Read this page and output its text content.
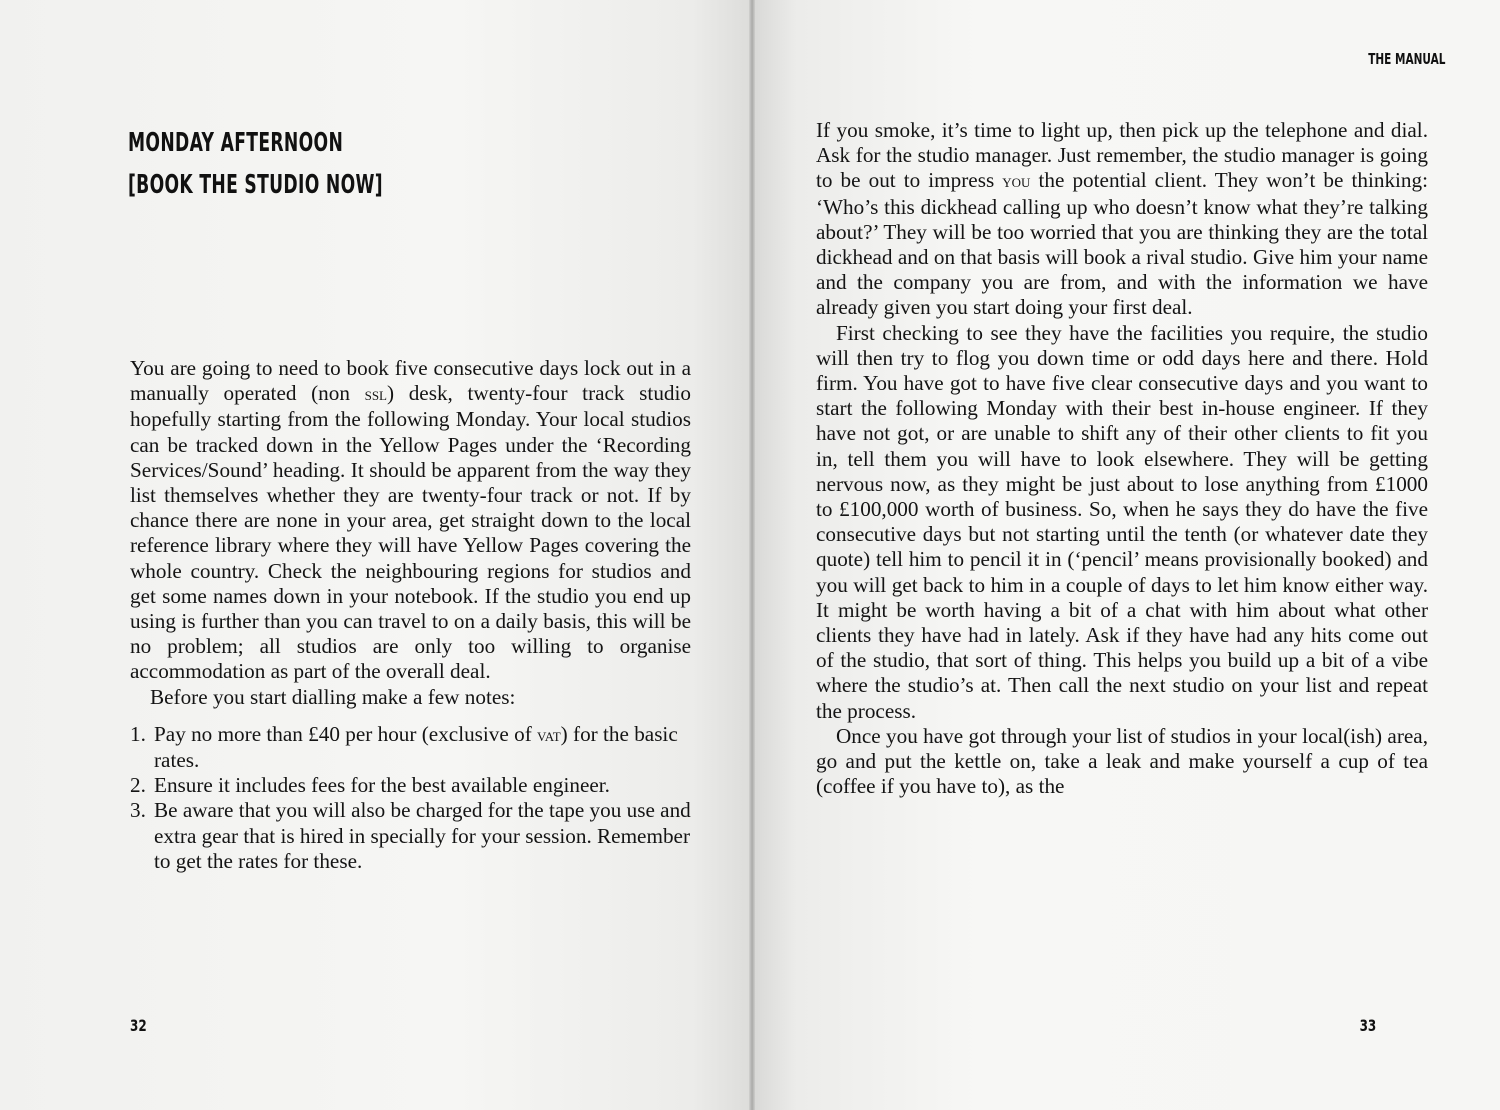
MONDAY AFTERNOON
[BOOK THE STUDIO NOW]

You are going to need to book five consecutive days lock out in a manually operated (non ssl) desk, twenty-four track studio hopefully starting from the following Monday. Your local studios can be tracked down in the Yellow Pages under the ‘Recording Services/Sound’ heading. It should be apparent from the way they list themselves whether they are twenty-four track or not. If by chance there are none in your area, get straight down to the local reference library where they will have Yellow Pages covering the whole country. Check the neighbouring regions for studios and get some names down in your notebook. If the studio you end up using is further than you can travel to on a daily basis, this will be no problem; all studios are only too willing to organise accommodation as part of the overall deal.

Before you start dialling make a few notes:

1. Pay no more than £40 per hour (exclusive of vat) for the basic rates.
2. Ensure it includes fees for the best available engineer.
3. Be aware that you will also be charged for the tape you use and extra gear that is hired in specially for your session. Remember to get the rates for these.
32
THE MANUAL

If you smoke, it’s time to light up, then pick up the telephone and dial. Ask for the studio manager. Just remember, the studio manager is going to be out to impress you the potential client. They won’t be thinking: ‘Who’s this dickhead calling up who doesn’t know what they’re talking about?’ They will be too worried that you are thinking they are the total dickhead and on that basis will book a rival studio. Give him your name and the company you are from, and with the information we have already given you start doing your first deal.

First checking to see they have the facilities you require, the studio will then try to flog you down time or odd days here and there. Hold firm. You have got to have five clear consecutive days and you want to start the following Monday with their best in-house engineer. If they have not got, or are unable to shift any of their other clients to fit you in, tell them you will have to look elsewhere. They will be getting nervous now, as they might be just about to lose anything from £1000 to £100,000 worth of business. So, when he says they do have the five consecutive days but not starting until the tenth (or whatever date they quote) tell him to pencil it in (‘pencil’ means provisionally booked) and you will get back to him in a couple of days to let him know either way. It might be worth having a bit of a chat with him about what other clients they have had in lately. Ask if they have had any hits come out of the studio, that sort of thing. This helps you build up a bit of a vibe where the studio’s at. Then call the next studio on your list and repeat the process.

Once you have got through your list of studios in your local(ish) area, go and put the kettle on, take a leak and make yourself a cup of tea (coffee if you have to), as the

33
